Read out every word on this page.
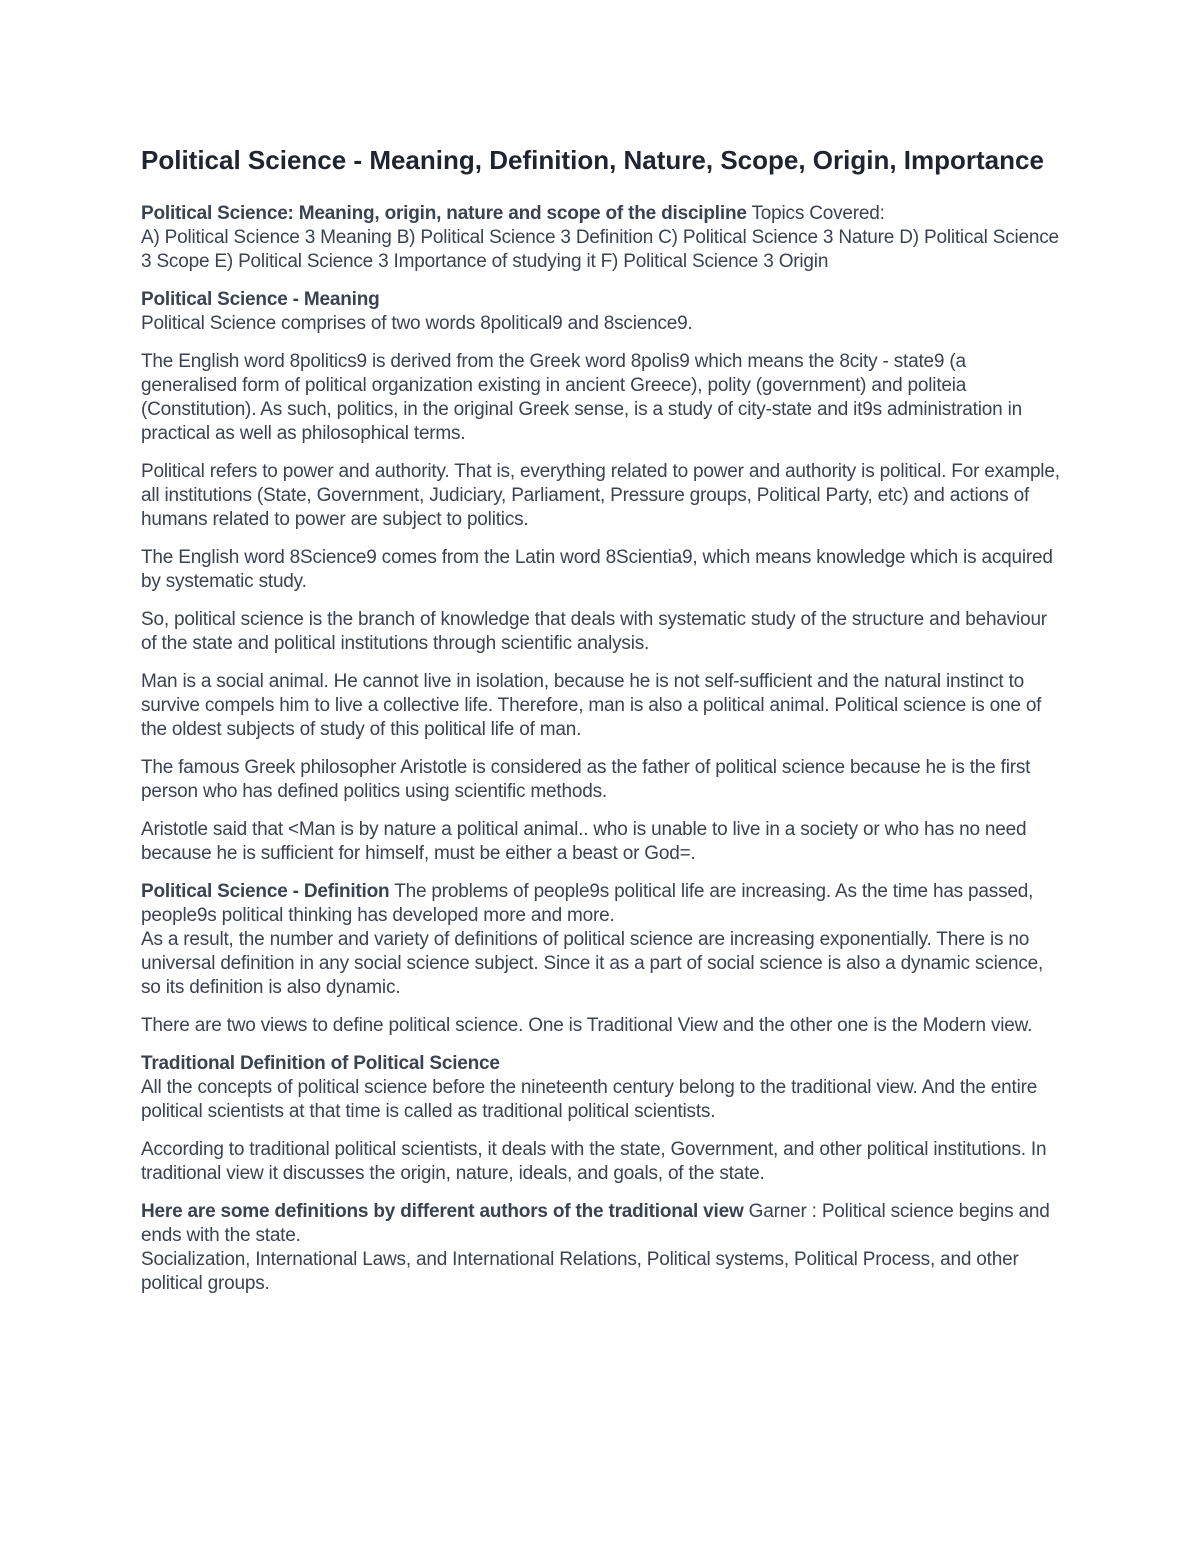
Political Science - Meaning, Definition, Nature, Scope, Origin, Importance
Political Science: Meaning, origin, nature and scope of the discipline Topics Covered:
A) Political Science 3 Meaning B) Political Science 3 Definition C) Political Science 3 Nature D) Political Science 3 Scope E) Political Science 3 Importance of studying it F) Political Science 3 Origin
Political Science - Meaning
Political Science comprises of two words 8political9 and 8science9.

The English word 8politics9 is derived from the Greek word 8polis9 which means the 8city - state9 (a generalised form of political organization existing in ancient Greece), polity (government) and politeia (Constitution). As such, politics, in the original Greek sense, is a study of city-state and it9s administration in practical as well as philosophical terms.

Political refers to power and authority. That is, everything related to power and authority is political. For example, all institutions (State, Government, Judiciary, Parliament, Pressure groups, Political Party, etc) and actions of humans related to power are subject to politics.

The English word 8Science9 comes from the Latin word 8Scientia9, which means knowledge which is acquired by systematic study.

So, political science is the branch of knowledge that deals with systematic study of the structure and behaviour of the state and political institutions through scientific analysis.

Man is a social animal. He cannot live in isolation, because he is not self-sufficient and the natural instinct to survive compels him to live a collective life. Therefore, man is also a political animal. Political science is one of the oldest subjects of study of this political life of man.

The famous Greek philosopher Aristotle is considered as the father of political science because he is the first person who has defined politics using scientific methods.

Aristotle said that <Man is by nature a political animal.. who is unable to live in a society or who has no need because he is sufficient for himself, must be either a beast or God=.

Political Science - Definition The problems of people9s political life are increasing. As the time has passed, people9s political thinking has developed more and more.
As a result, the number and variety of definitions of political science are increasing exponentially. There is no universal definition in any social science subject. Since it as a part of social science is also a dynamic science, so its definition is also dynamic.

There are two views to define political science. One is Traditional View and the other one is the Modern view.

Traditional Definition of Political Science
All the concepts of political science before the nineteenth century belong to the traditional view. And the entire political scientists at that time is called as traditional political scientists.

According to traditional political scientists, it deals with the state, Government, and other political institutions. In traditional view it discusses the origin, nature, ideals, and goals, of the state.

Here are some definitions by different authors of the traditional view Garner : Political science begins and ends with the state.
Socialization, International Laws, and International Relations, Political systems, Political Process, and other political groups.
